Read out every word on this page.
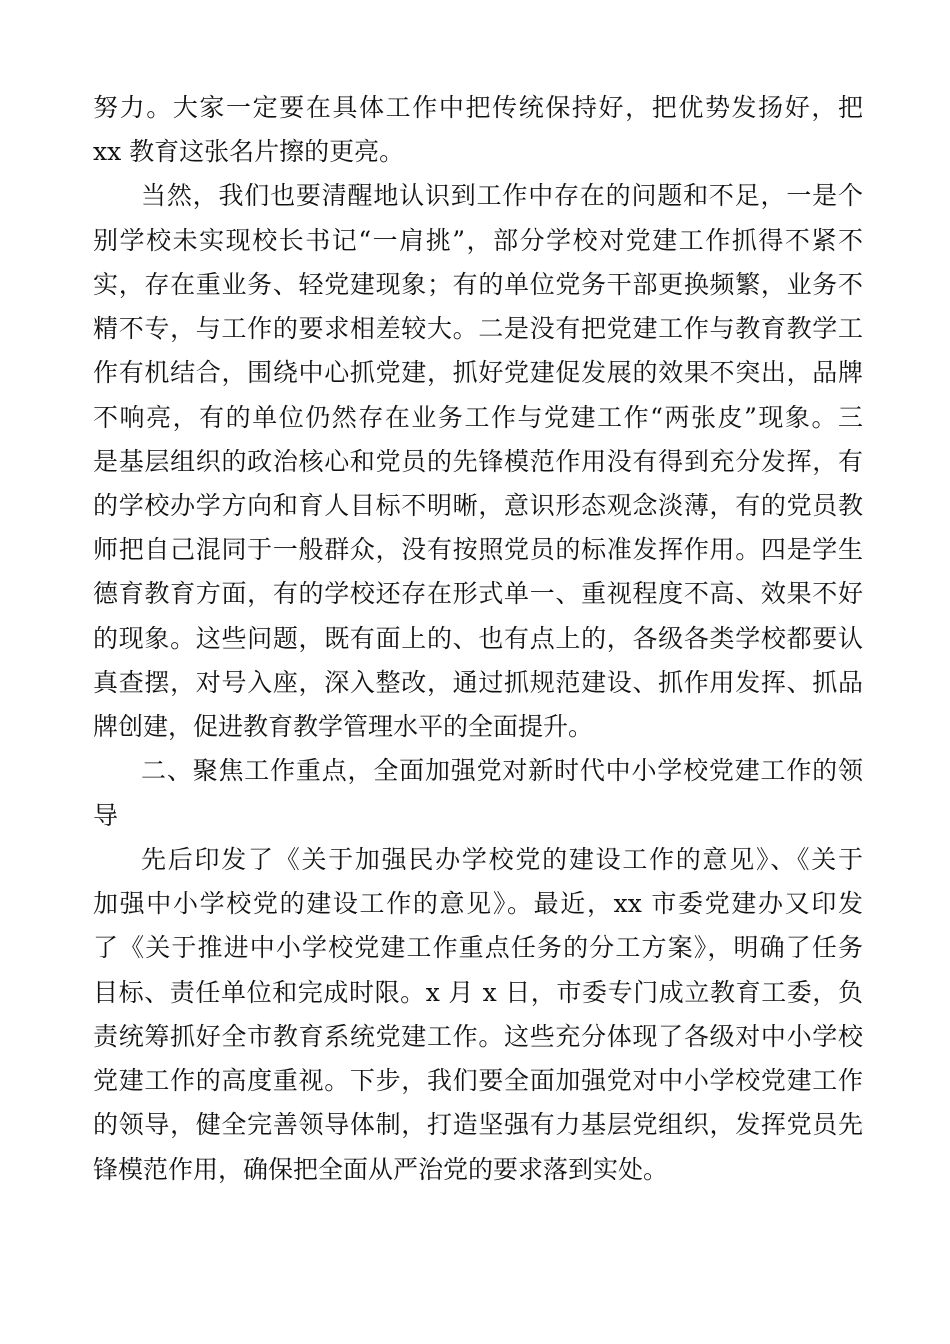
努力。大家一定要在具体工作中把传统保持好，把优势发扬好，把
xx 教育这张名片擦的更亮。
当然，我们也要清醒地认识到工作中存在的问题和不足，一是个
别学校未实现校长书记“一肩挑”，部分学校对党建工作抓得不紧不
实，存在重业务、轻党建现象；有的单位党务干部更换频繁，业务不
精不专，与工作的要求相差较大。二是没有把党建工作与教育教学工
作有机结合，围绕中心抓党建，抓好党建促发展的效果不突出，品牌
不响亮，有的单位仍然存在业务工作与党建工作“两张皮”现象。三
是基层组织的政治核心和党员的先锋模范作用没有得到充分发挥，有
的学校办学方向和育人目标不明晰，意识形态观念淡薄，有的党员教
师把自己混同于一般群众，没有按照党员的标准发挥作用。四是学生
德育教育方面，有的学校还存在形式单一、重视程度不高、效果不好
的现象。这些问题，既有面上的、也有点上的，各级各类学校都要认
真查摆，对号入座，深入整改，通过抓规范建设、抓作用发挥、抓品
牌创建，促进教育教学管理水平的全面提升。
二、聚焦工作重点，全面加强党对新时代中小学校党建工作的领
导
先后印发了《关于加强民办学校党的建设工作的意见》、《关于
加强中小学校党的建设工作的意见》。最近，xx 市委党建办又印发
了《关于推进中小学校党建工作重点任务的分工方案》，明确了任务
目标、责任单位和完成时限。x 月 x 日，市委专门成立教育工委，负
责统筹抓好全市教育系统党建工作。这些充分体现了各级对中小学校
党建工作的高度重视。下步，我们要全面加强党对中小学校党建工作
的领导，健全完善领导体制，打造坚强有力基层党组织，发挥党员先
锋模范作用，确保把全面从严治党的要求落到实处。
